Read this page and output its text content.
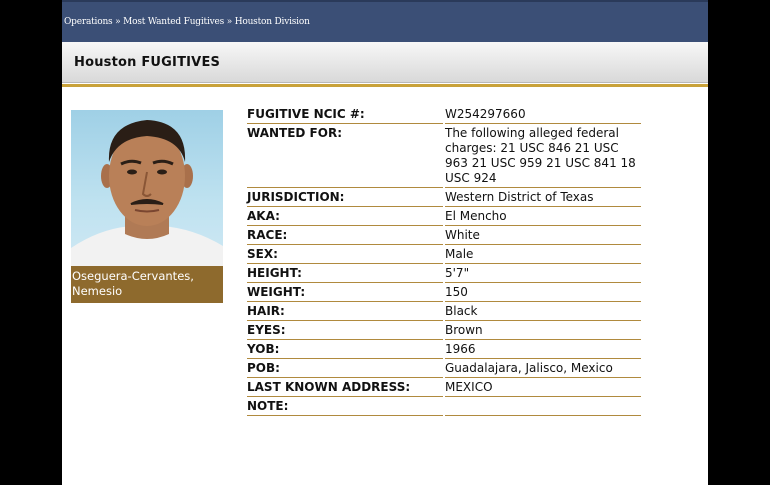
Operations » Most Wanted Fugitives » Houston Division
Houston FUGITIVES
Oseguera-Cervantes, Nemesio
FUGITIVE NCIC #:	W254297660
WANTED FOR:	The following alleged federal charges: 21 USC 846 21 USC 963 21 USC 959 21 USC 841 18 USC 924
JURISDICTION:	Western District of Texas
AKA:	El Mencho
RACE:	White
SEX:	Male
HEIGHT:	5'7"
WEIGHT:	150
HAIR:	Black
EYES:	Brown
YOB:	1966
POB:	Guadalajara, Jalisco, Mexico
LAST KNOWN ADDRESS:	MEXICO
NOTE:	
